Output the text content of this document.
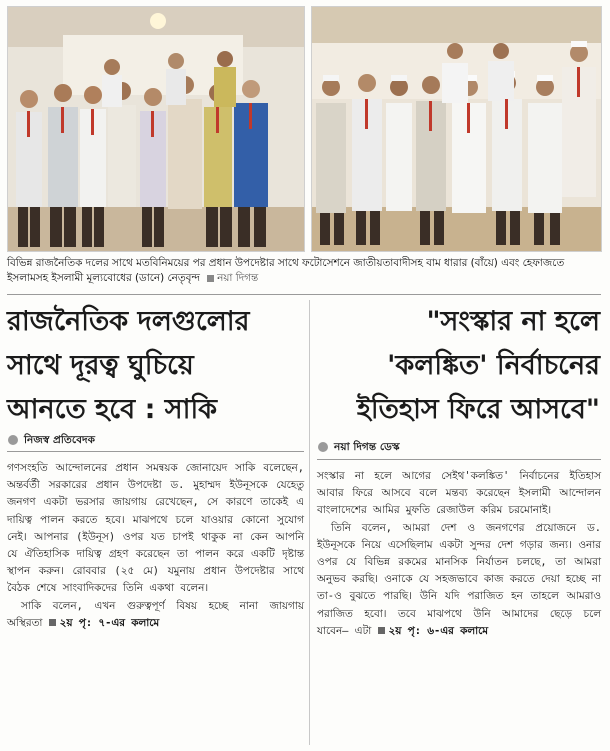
বিভিন্ন রাজনৈতিক দলের সাথে মতবিনিময়ের পর প্রধান উপদেষ্টার সাথে ফটোসেশনে জাতীয়তাবাদীসহ বাম ধারার (বাঁয়ে) এবং হেফাজতে ইসলামসহ ইসলামী মূল্যবোধের (ডানে) নেতৃবৃন্দ নয়া দিগন্ত
রাজনৈতিক দলগুলোর
সাথে দূরত্ব ঘুচিয়ে
আনতে হবে : সাকি
"সংস্কার না হলে
'কলঙ্কিত' নির্বাচনের
ইতিহাস ফিরে আসবে"
নিজস্ব প্রতিবেদক
নয়া দিগন্ত ডেস্ক

গণসংহতি আন্দোলনের প্রধান সমন্বয়ক জোনায়েদ সাকি বলেছেন, অন্তর্বর্তী সরকারের প্রধান উপদেষ্টা ড. মুহাম্মদ ইউনূসকে যেহেতু জনগণ একটা ভরসার জায়গায় রেখেছেন, সে কারণে তাকেই এ দায়িত্ব পালন করতে হবে। মাঝপথে চলে যাওয়ার কোনো সুযোগ নেই। আপনার (ইউনূস) ওপর যত চাপই থাকুক না কেন আপনি যে ঐতিহাসিক দায়িত্ব গ্রহণ করেছেন তা পালন করে একটি দৃষ্টান্ত স্থাপন করুন। রোববার (২৫ মে) যমুনায় প্রধান উপদেষ্টার সাথে বৈঠক শেষে সাংবাদিকদের তিনি একথা বলেন।

সাকি বলেন, এখন গুরুত্বপূর্ণ বিষয় হচ্ছে নানা জায়গায় অস্থিরতা ২য় পৃ: ৭-এর কলামে

সংস্কার না হলে আগের সেইথ'কলঙ্কিত' নির্বাচনের ইতিহাস আবার ফিরে আসবে বলে মন্তব্য করেছেন ইসলামী আন্দোলন বাংলাদেশের আমির মুফতি রেজাউল করিম চরমোনাই।

তিনি বলেন, আমরা দেশ ও জনগণের প্রয়োজনে ড. ইউনূসকে নিয়ে এসেছিলাম একটা সুন্দর দেশ গড়ার জন্য। ওনার ওপর যে বিভিন্ন রকমের মানসিক নির্যাতন চলছে, তা আমরা অনুভব করছি। ওনাকে যে সহজভাবে কাজ করতে দেয়া হচ্ছে না তা-ও বুঝতে পারছি। উনি যদি পরাজিত হন তাহলে আমরাও পরাজিত হবো। তবে মাঝপথে উনি আমাদের ছেড়ে চলে যাবেন– এটা ২য় পৃ: ৬-এর কলামে
